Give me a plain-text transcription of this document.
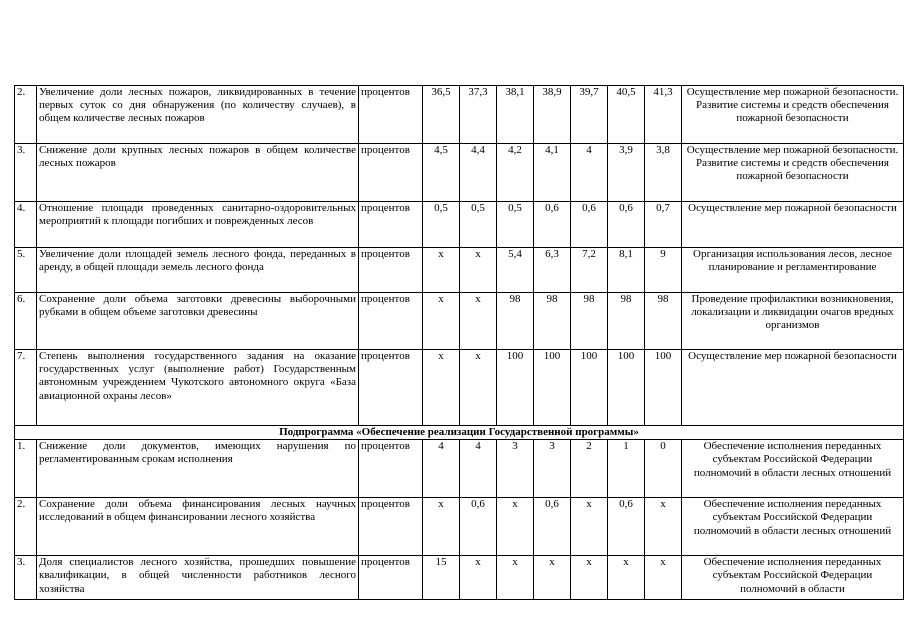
2.	Увеличение доли лесных пожаров, ликвидированных в течение первых суток со дня обнаружения (по количеству случаев), в общем количестве лесных пожаров	процентов	36,5	37,3	38,1	38,9	39,7	40,5	41,3	Осуществление мер пожарной безопасности. Развитие системы и средств обеспечения пожарной безопасности
3.	Снижение доли крупных лесных пожаров в общем количестве лесных пожаров	процентов	4,5	4,4	4,2	4,1	4	3,9	3,8	Осуществление мер пожарной безопасности. Развитие системы и средств обеспечения пожарной безопасности
4.	Отношение площади проведенных санитарно-оздоровительных мероприятий к площади погибших и поврежденных лесов	процентов	0,5	0,5	0,5	0,6	0,6	0,6	0,7	Осуществление мер пожарной безопасности
5.	Увеличение доли площадей земель лесного фонда, переданных в аренду, в общей площади земель лесного фонда	процентов	х	х	5,4	6,3	7,2	8,1	9	Организация использования лесов, лесное планирование и регламентирование
6.	Сохранение доли объема заготовки древесины выборочными рубками в общем объеме заготовки древесины	процентов	х	х	98	98	98	98	98	Проведение профилактики возникновения, локализации и ликвидации очагов вредных организмов
7.	Степень выполнения государственного задания на оказание государственных услуг (выполнение работ) Государственным автономным учреждением Чукотского автономного округа «База авиационной охраны лесов»	процентов	х	х	100	100	100	100	100	Осуществление мер пожарной безопасности
Подпрограмма «Обеспечение реализации Государственной программы»										
1.	Снижение доли документов, имеющих нарушения по регламентированным срокам исполнения	процентов	4	4	3	3	2	1	0	Обеспечение исполнения переданных субъектам Российской Федерации полномочий в области лесных отношений
2.	Сохранение доли объема финансирования лесных научных исследований в общем финансировании лесного хозяйства	процентов	х	0,6	х	0,6	х	0,6	х	Обеспечение исполнения переданных субъектам Российской Федерации полномочий в области лесных отношений
3.	Доля специалистов лесного хозяйства, прошедших повышение квалификации, в общей численности работников лесного хозяйства	процентов	15	х	х	х	х	х	х	Обеспечение исполнения переданных субъектам Российской Федерации полномочий в области
